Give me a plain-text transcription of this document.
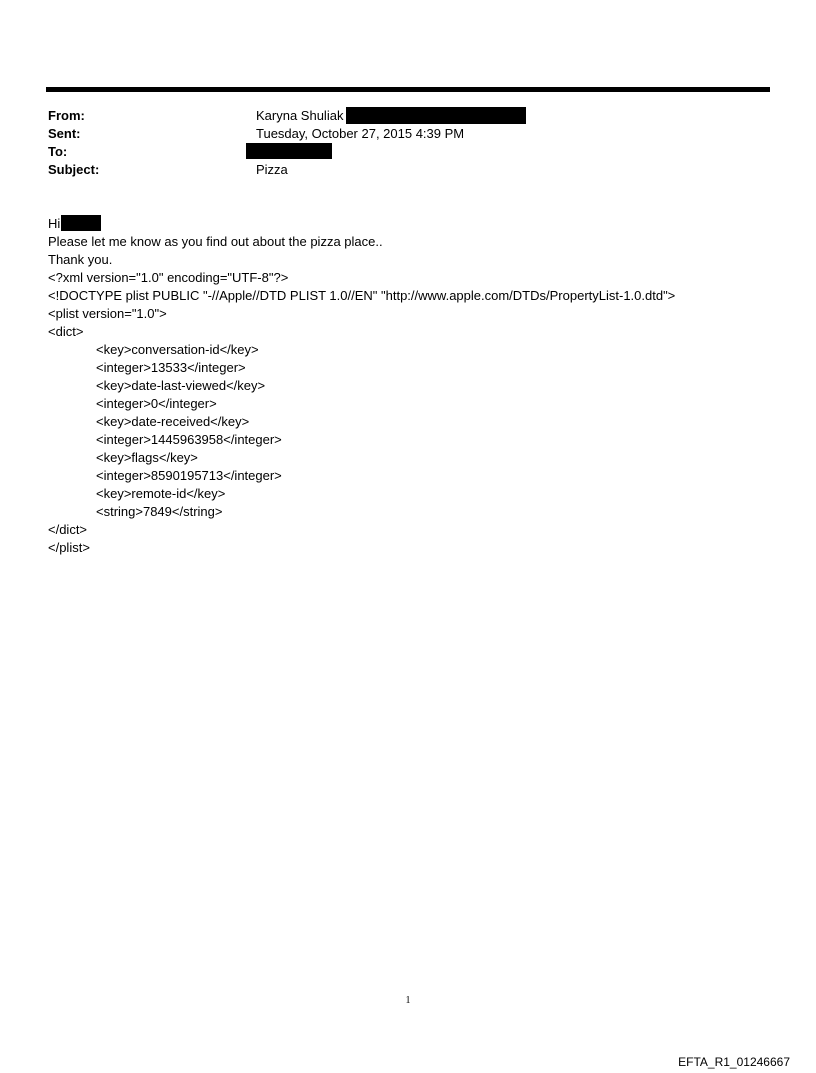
From:	Karyna Shuliak
Sent:	Tuesday, October 27, 2015 4:39 PM
To:
Subject:	Pizza
Hi
Please let me know as you find out about the pizza place..
Thank you.
<?xml version="1.0" encoding="UTF-8"?>
<!DOCTYPE plist PUBLIC "-//Apple//DTD PLIST 1.0//EN" "http://www.apple.com/DTDs/PropertyList-1.0.dtd">
<plist version="1.0">
<dict>
<key>conversation-id</key>
<integer>13533</integer>
<key>date-last-viewed</key>
<integer>0</integer>
<key>date-received</key>
<integer>1445963958</integer>
<key>flags</key>
<integer>8590195713</integer>
<key>remote-id</key>
<string>7849</string>
</dict>
</plist>
1
EFTA_R1_01246667
